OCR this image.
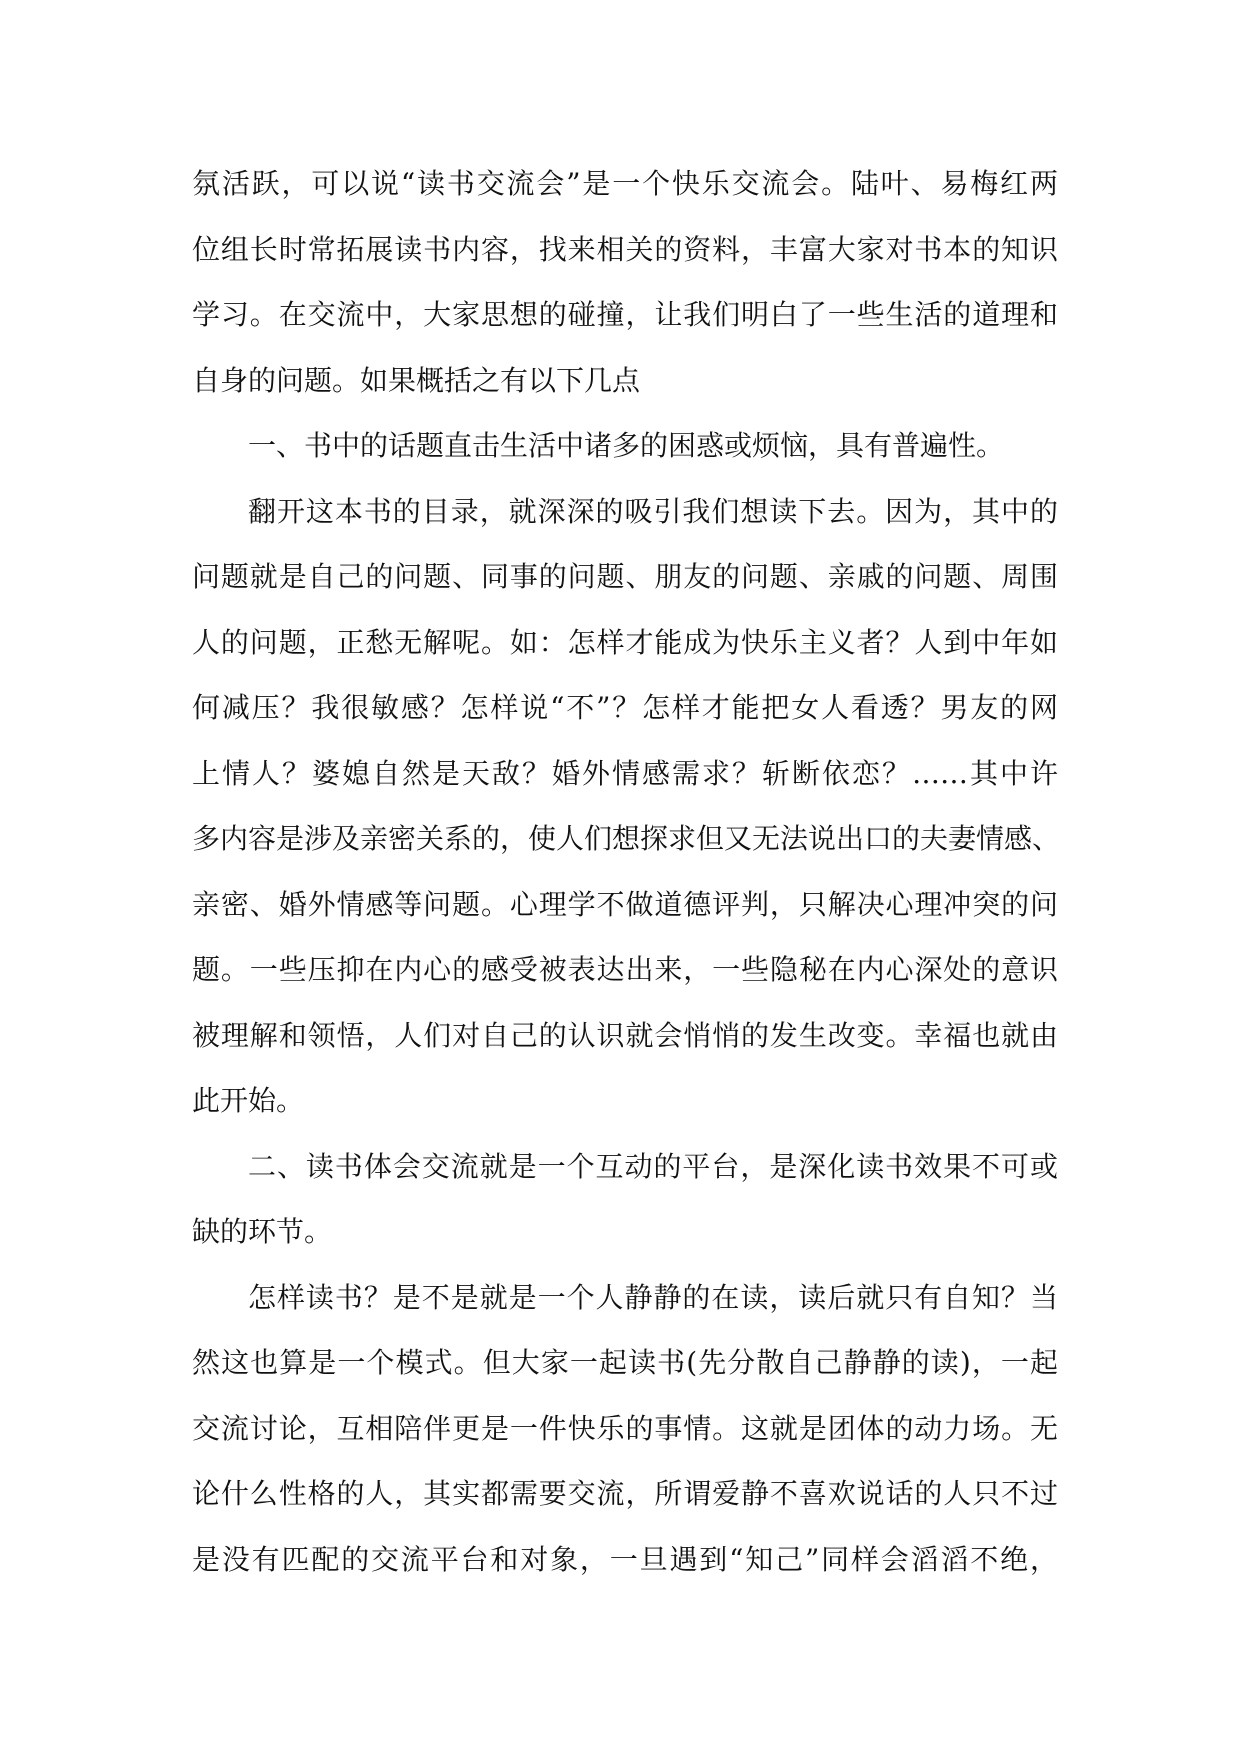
氛活跃，可以说“读书交流会”是一个快乐交流会。陆叶、易梅红两
位组长时常拓展读书内容，找来相关的资料，丰富大家对书本的知识
学习。在交流中，大家思想的碰撞，让我们明白了一些生活的道理和
自身的问题。如果概括之有以下几点
一、书中的话题直击生活中诸多的困惑或烦恼，具有普遍性。
翻开这本书的目录，就深深的吸引我们想读下去。因为，其中的
问题就是自己的问题、同事的问题、朋友的问题、亲戚的问题、周围
人的问题，正愁无解呢。如：怎样才能成为快乐主义者？人到中年如
何减压？我很敏感？怎样说“不”？怎样才能把女人看透？男友的网
上情人？婆媳自然是天敌？婚外情感需求？斩断依恋？……其中许
多内容是涉及亲密关系的，使人们想探求但又无法说出口的夫妻情感、
亲密、婚外情感等问题。心理学不做道德评判，只解决心理冲突的问
题。一些压抑在内心的感受被表达出来，一些隐秘在内心深处的意识
被理解和领悟，人们对自己的认识就会悄悄的发生改变。幸福也就由
此开始。
二、读书体会交流就是一个互动的平台，是深化读书效果不可或
缺的环节。
怎样读书？是不是就是一个人静静的在读，读后就只有自知？当
然这也算是一个模式。但大家一起读书(先分散自己静静的读)，一起
交流讨论，互相陪伴更是一件快乐的事情。这就是团体的动力场。无
论什么性格的人，其实都需要交流，所谓爱静不喜欢说话的人只不过
是没有匹配的交流平台和对象，一旦遇到“知己”同样会滔滔不绝，
